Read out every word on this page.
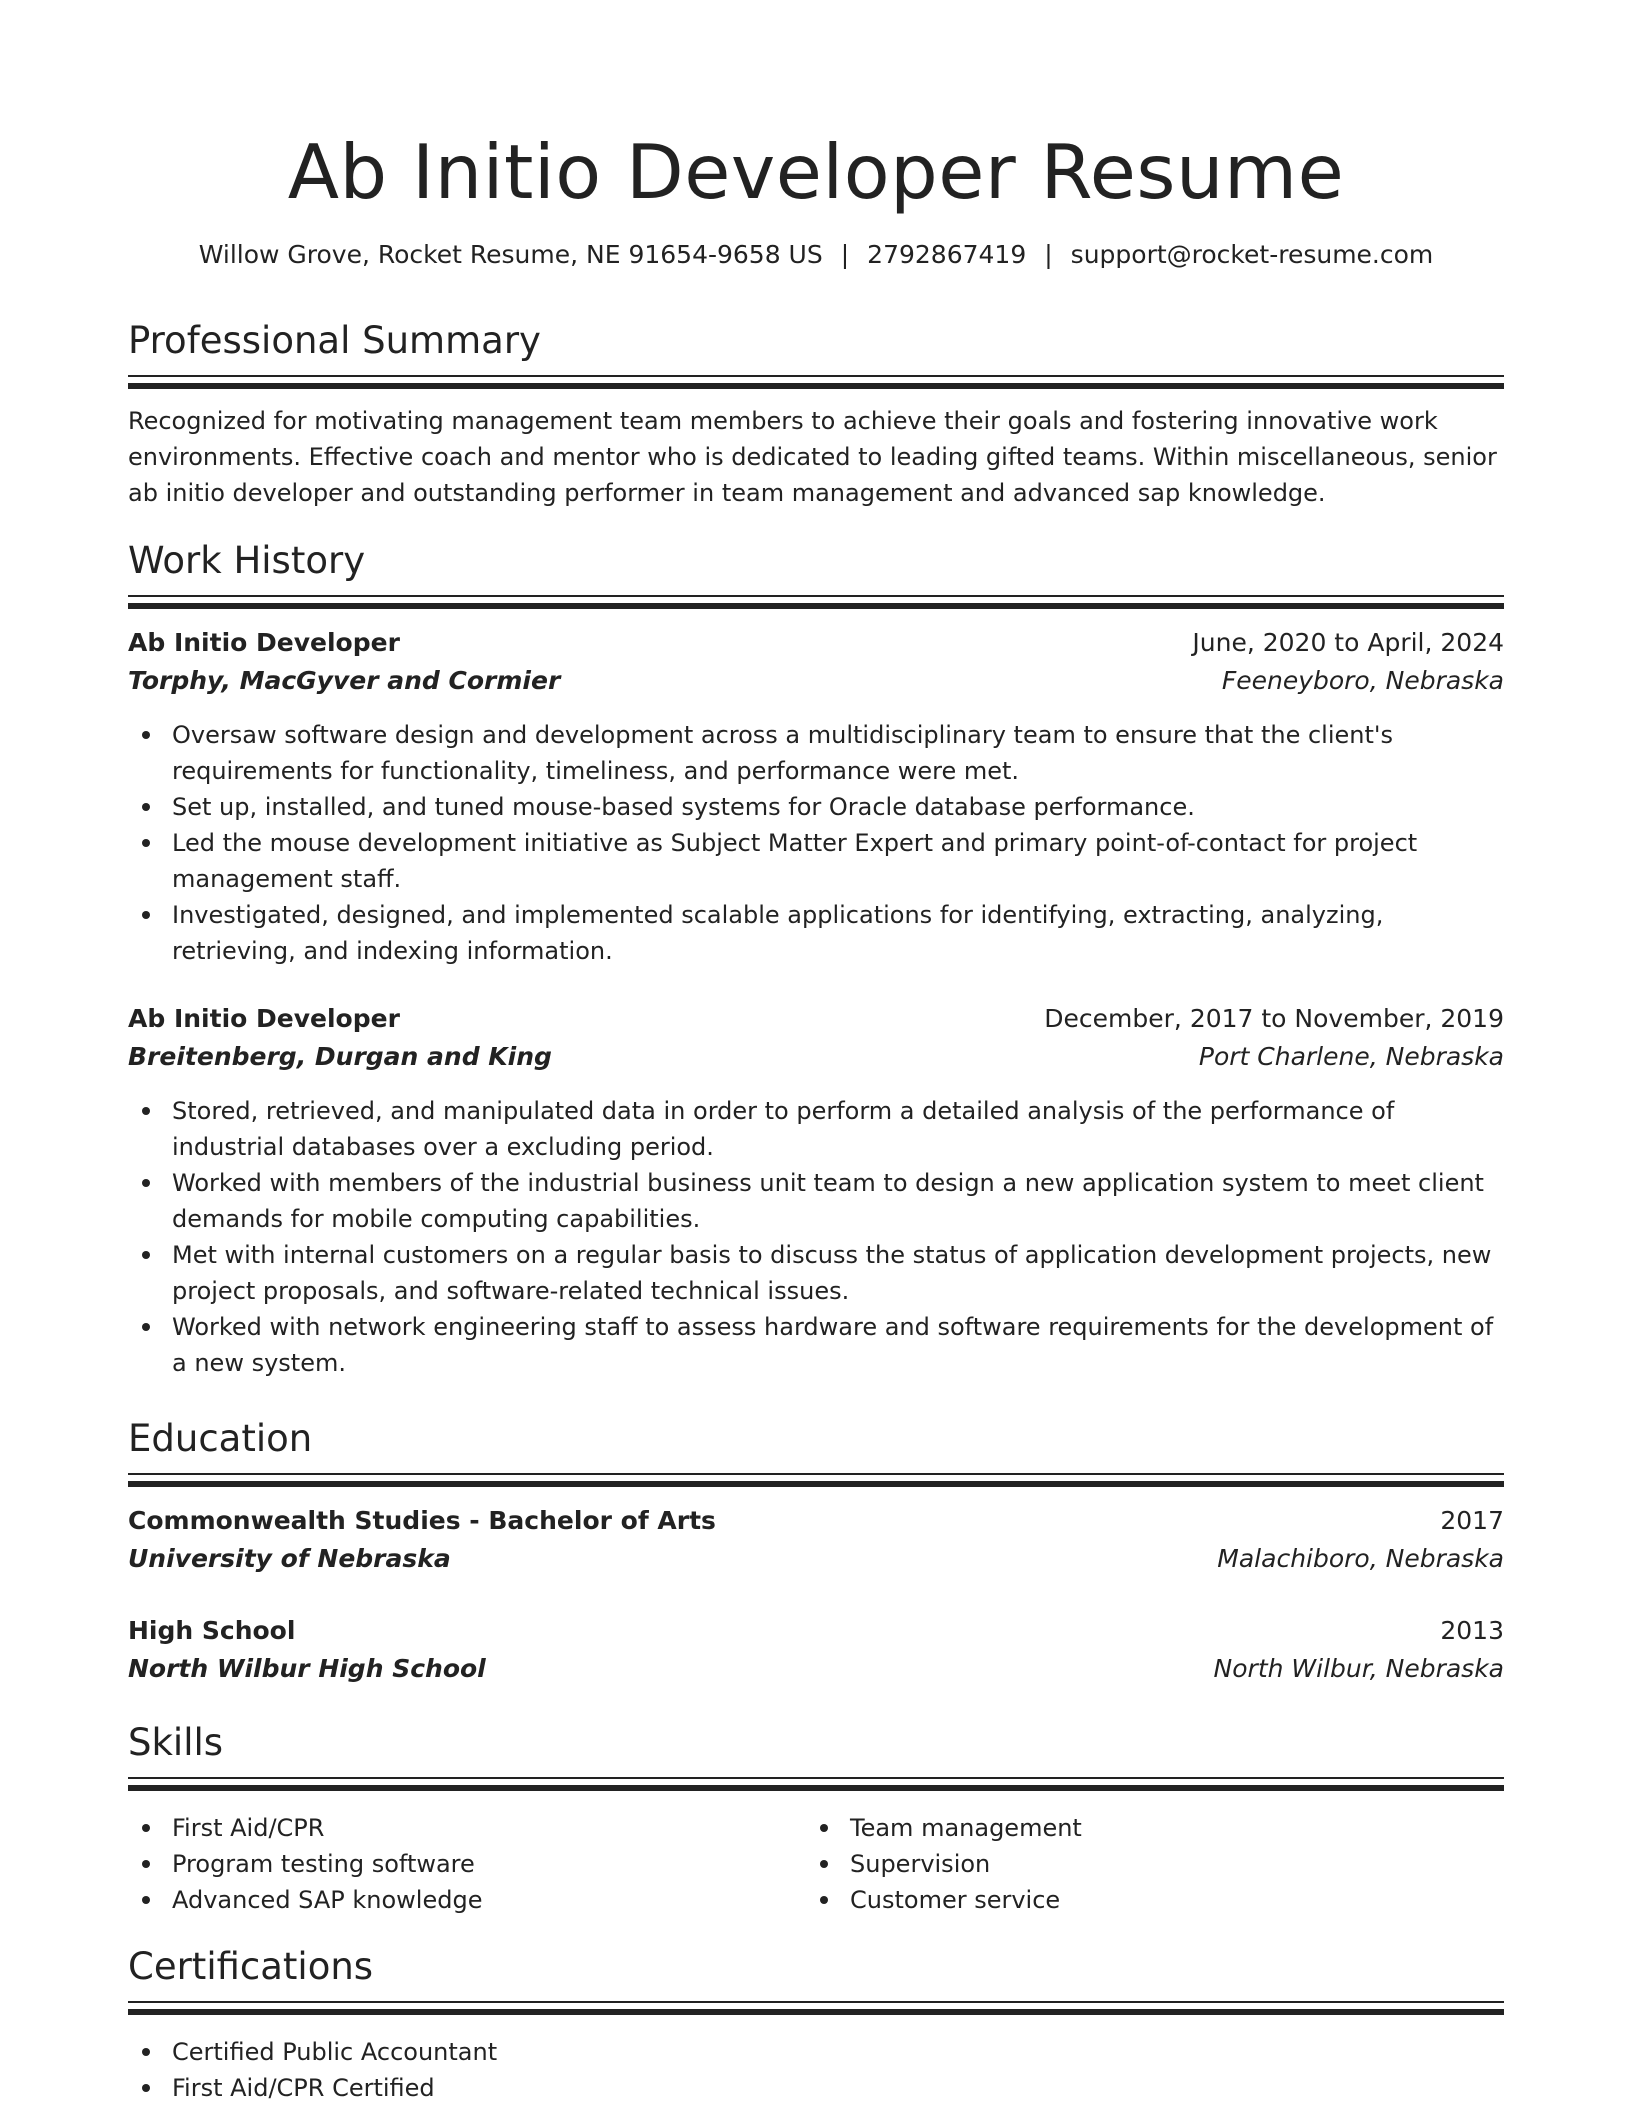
Ab Initio Developer Resume
Willow Grove, Rocket Resume, NE 91654-9658 US | 2792867419 | support@rocket-resume.com
Professional Summary

Recognized for motivating management team members to achieve their goals and fostering innovative work environments. Effective coach and mentor who is dedicated to leading gifted teams. Within miscellaneous, senior ab initio developer and outstanding performer in team management and advanced sap knowledge.

Work History
Ab Initio Developer	June, 2020 to April, 2024
Torphy, MacGyver and Cormier	Feeneyboro, Nebraska
Oversaw software design and development across a multidisciplinary team to ensure that the client's requirements for functionality, timeliness, and performance were met.
Set up, installed, and tuned mouse-based systems for Oracle database performance.
Led the mouse development initiative as Subject Matter Expert and primary point-of-contact for project management staff.
Investigated, designed, and implemented scalable applications for identifying, extracting, analyzing, retrieving, and indexing information.
Ab Initio Developer	December, 2017 to November, 2019
Breitenberg, Durgan and King	Port Charlene, Nebraska
Stored, retrieved, and manipulated data in order to perform a detailed analysis of the performance of industrial databases over a excluding period.
Worked with members of the industrial business unit team to design a new application system to meet client demands for mobile computing capabilities.
Met with internal customers on a regular basis to discuss the status of application development projects, new project proposals, and software-related technical issues.
Worked with network engineering staff to assess hardware and software requirements for the development of a new system.
Education
Commonwealth Studies - Bachelor of Arts	2017
University of Nebraska	Malachiboro, Nebraska
High School	2013
North Wilbur High School	North Wilbur, Nebraska
Skills
First Aid/CPR
Program testing software
Advanced SAP knowledge
Team management
Supervision
Customer service
Certifications
Certified Public Accountant
First Aid/CPR Certified
